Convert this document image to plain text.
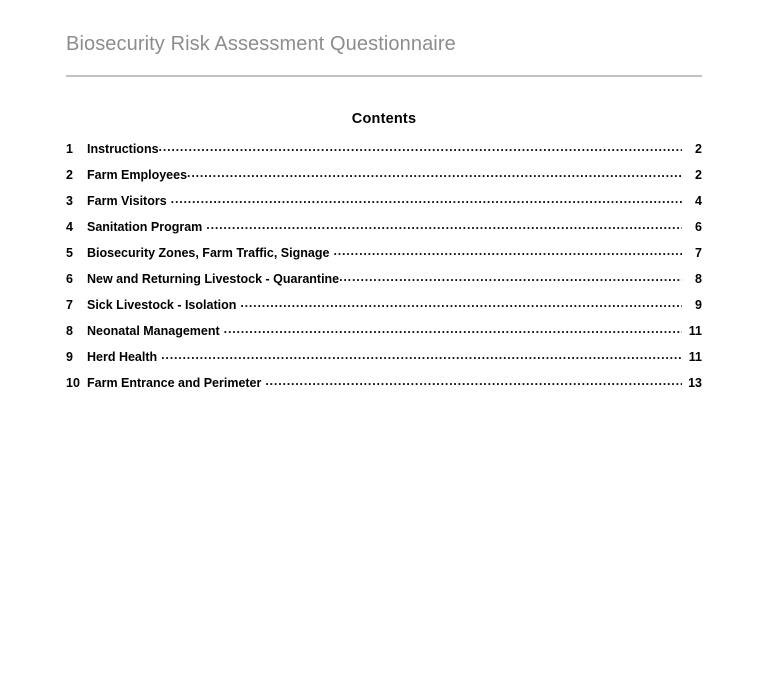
Biosecurity Risk Assessment Questionnaire
Contents
1	Instructions .....	2
2	Farm Employees .....	2
3	Farm Visitors .....	4
4	Sanitation Program .....	6
5	Biosecurity Zones, Farm Traffic, Signage .....	7
6	New and Returning Livestock - Quarantine .....	8
7	Sick Livestock - Isolation .....	9
8	Neonatal Management .....	11
9	Herd Health .....	11
10 Farm Entrance and Perimeter .....	13
